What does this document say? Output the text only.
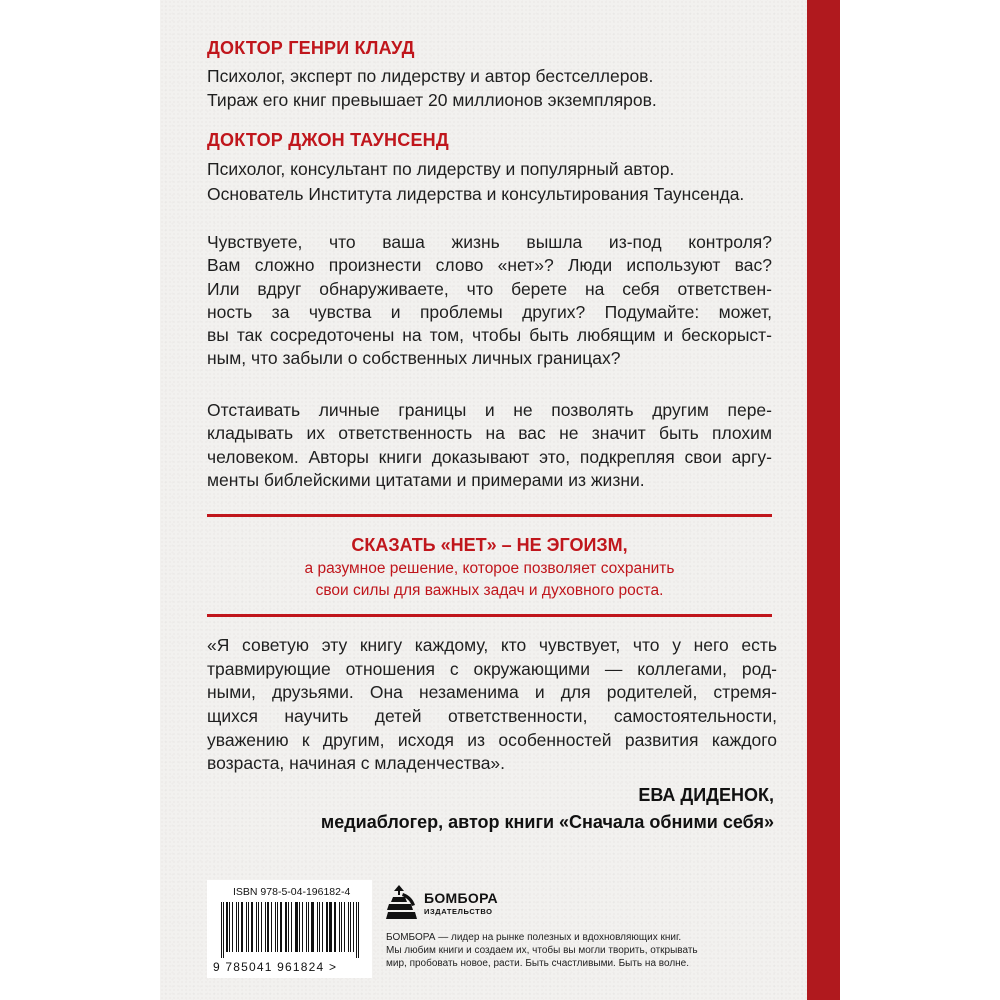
ДОКТОР ГЕНРИ КЛАУД
Психолог, эксперт по лидерству и автор бестселлеров.
Тираж его книг превышает 20 миллионов экземпляров.
ДОКТОР ДЖОН ТАУНСЕНД
Психолог, консультант по лидерству и популярный автор.
Основатель Института лидерства и консультирования Таунсенда.
Чувствуете, что ваша жизнь вышла из-под контроля?
Вам сложно произнести слово «нет»? Люди используют вас?
Или вдруг обнаруживаете, что берете на себя ответствен-
ность за чувства и проблемы других? Подумайте: может,
вы так сосредоточены на том, чтобы быть любящим и бескорыст-
ным, что забыли о собственных личных границах?
Отстаивать личные границы и не позволять другим пере-
кладывать их ответственность на вас не значит быть плохим
человеком. Авторы книги доказывают это, подкрепляя свои аргу-
менты библейскими цитатами и примерами из жизни.
СКАЗАТЬ «НЕТ» – НЕ ЭГОИЗМ,
а разумное решение, которое позволяет сохранить
свои силы для важных задач и духовного роста.
«Я советую эту книгу каждому, кто чувствует, что у него есть
травмирующие отношения с окружающими — коллегами, род-
ными, друзьями. Она незаменима и для родителей, стремя-
щихся научить детей ответственности, самостоятельности,
уважению к другим, исходя из особенностей развития каждого
возраста, начиная с младенчества».
ЕВА ДИДЕНОК,
медиаблогер, автор книги «Сначала обними себя»
ISBN 978-5-04-196182-4
9 785041 961824 >
БОМБОРА
ИЗДАТЕЛЬСТВО
БОМБОРА — лидер на рынке полезных и вдохновляющих книг.
Мы любим книги и создаем их, чтобы вы могли творить, открывать
мир, пробовать новое, расти. Быть счастливыми. Быть на волне.
